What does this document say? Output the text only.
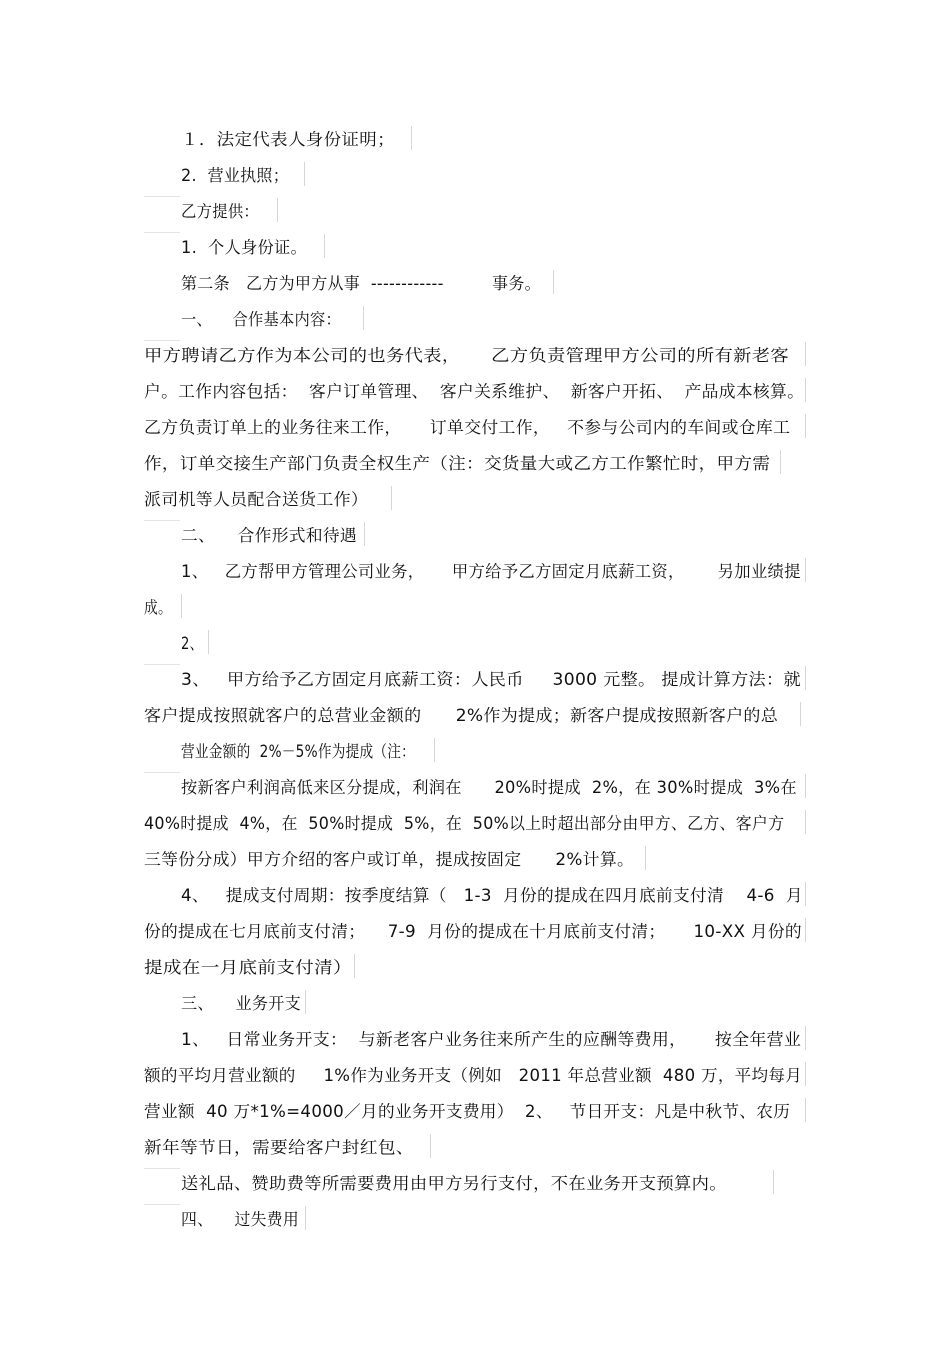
１．法定代表人身份证明；
2.  营业执照；
乙方提供：
1.  个人身份证。
第二条   乙方为甲方从事  ------------         事务。
一、    合作基本内容：
甲方聘请乙方作为本公司的也务代表，     乙方负责管理甲方公司的所有新老客
户。工作内容包括：  客户订单管理、  客户关系维护、  新客户开拓、  产品成本核算。
乙方负责订单上的业务往来工作，     订单交付工作，   不参与公司内的车间或仓库工
作，订单交接生产部门负责全权生产（注：交货量大或乙方工作繁忙时，甲方需
派司机等人员配合送货工作）
二、    合作形式和待遇
1、   乙方帮甲方管理公司业务，     甲方给予乙方固定月底薪工资，      另加业绩提
成。
2、
3、   甲方给予乙方固定月底薪工资：人民币     3000 元整。 提成计算方法：就
客户提成按照就客户的总营业金额的      2%作为提成；新客户提成按照新客户的总
营业金额的  2%－5%作为提成（注：
按新客户利润高低来区分提成，利润在      20%时提成  2%，在 30%时提成  3%在
40%时提成  4%，在  50%时提成  5%，在  50%以上时超出部分由甲方、乙方、客户方
三等份分成）甲方介绍的客户或订单，提成按固定      2%计算。
4、   提成支付周期：按季度结算（   1-3  月份的提成在四月底前支付清    4-6  月
份的提成在七月底前支付清；    7-9  月份的提成在十月底前支付清；     10-XX 月份的
提成在一月底前支付清）
三、    业务开支
1、   日常业务开支：  与新老客户业务往来所产生的应酬等费用，     按全年营业
额的平均月营业额的     1%作为业务开支（例如   2011 年总营业额  480 万，平均每月
营业额  40 万*1%=4000／月的业务开支费用）  2、   节日开支：凡是中秋节、农历
新年等节日，需要给客户封红包、
送礼品、赞助费等所需要费用由甲方另行支付，不在业务开支预算内。
四、    过失费用
